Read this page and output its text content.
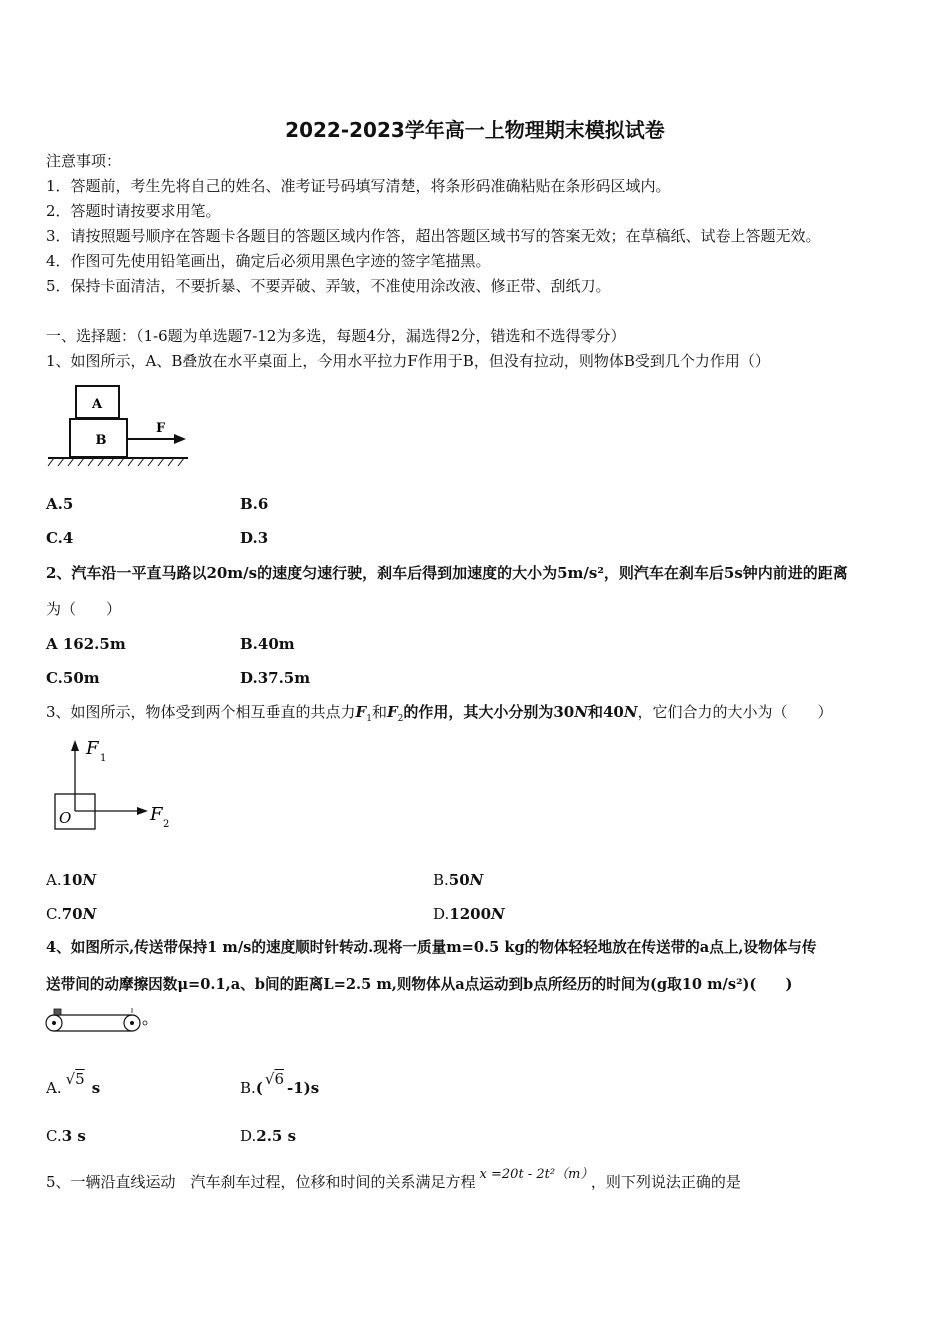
2022-2023学年高一上物理期末模拟试卷
注意事项：
1．答题前，考生先将自己的姓名、准考证号码填写清楚，将条形码准确粘贴在条形码区域内。
2．答题时请按要求用笔。
3．请按照题号顺序在答题卡各题目的答题区域内作答，超出答题区域书写的答案无效；在草稿纸、试卷上答题无效。
4．作图可先使用铅笔画出，确定后必须用黑色字迹的签字笔描黑。
5．保持卡面清洁，不要折暴、不要弄破、弄皱，不准使用涂改液、修正带、刮纸刀。
一、选择题：（1-6题为单选题7-12为多选，每题4分，漏选得2分，错选和不选得零分）
1、如图所示，A、B叠放在水平桌面上，今用水平拉力F作用于B，但没有拉动，则物体B受到几个力作用（）
A
B
F
A.5	B.6
C.4	D.3
2、汽车沿一平直马路以20m/s的速度匀速行驶，刹车后得到加速度的大小为5m/s²，则汽车在刹车后5s钟内前进的距离
为（　　）
A 162.5m	B.40m
C.50m	D.37.5m
3、如图所示，物体受到两个相互垂直的共点力$F_1$和$F_2$的作用，其大小分别为30N和40N，它们合力的大小为（　　）
O
F 1
F 2
A.10N	B.50N
C.70N	D.1200N
4、如图所示,传送带保持1 m/s的速度顺时针转动.现将一质量m=0.5 kg的物体轻轻地放在传送带的a点上,设物体与传
送带间的动摩擦因数μ=0.1,a、b间的距离L=2.5 m,则物体从a点运动到b点所经历的时间为(g取10 m/s²)(　　)
A. √5 s	B.( √6 -1)s
C.3 s	D.2.5 s
5、一辆沿直线运动　汽车刹车过程，位移和时间的关系满足方程 x =20t - 2t²（m） ，则下列说法正确的是
